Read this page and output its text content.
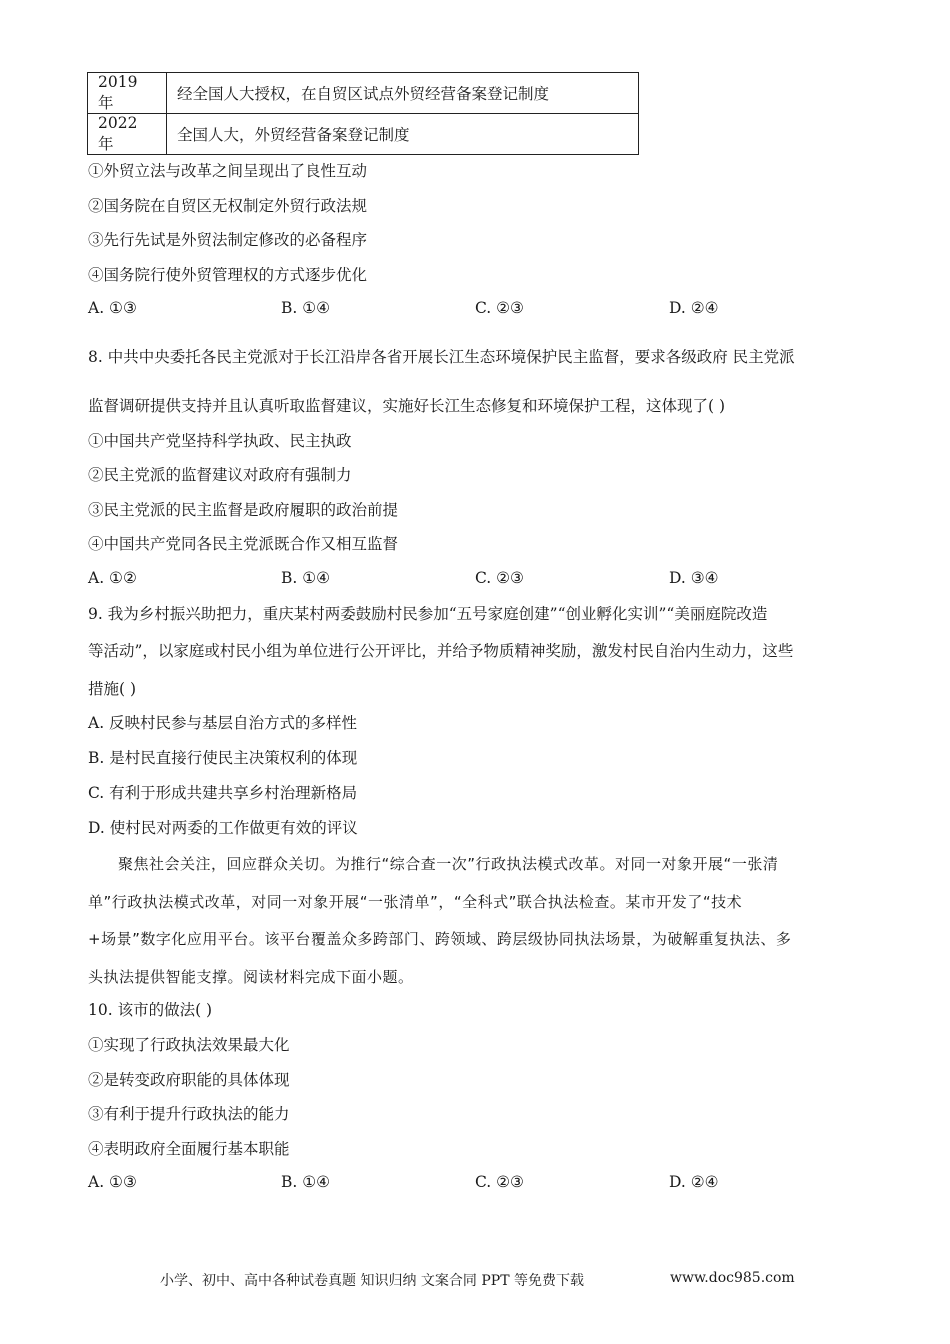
2019 年	经全国人大授权，在自贸区试点外贸经营备案登记制度
2022 年	全国人大，外贸经营备案登记制度
①外贸立法与改革之间呈现出了良性互动
②国务院在自贸区无权制定外贸行政法规
③先行先试是外贸法制定修改的必备程序
④国务院行使外贸管理权的方式逐步优化
A. ①③	B. ①④	C. ②③	D. ②④
8. 中共中央委托各民主党派对于长江沿岸各省开展长江生态环境保护民主监督，要求各级政府 民主党派
监督调研提供支持并且认真听取监督建议，实施好长江生态修复和环境保护工程，这体现了( )
①中国共产党坚持科学执政、民主执政
②民主党派的监督建议对政府有强制力
③民主党派的民主监督是政府履职的政治前提
④中国共产党同各民主党派既合作又相互监督
A. ①②	B. ①④	C. ②③	D. ③④
9. 我为乡村振兴助把力，重庆某村两委鼓励村民参加“五号家庭创建”“创业孵化实训”“美丽庭院改造
等活动”，以家庭或村民小组为单位进行公开评比，并给予物质精神奖励，激发村民自治内生动力，这些
措施( )
A. 反映村民参与基层自治方式的多样性
B. 是村民直接行使民主决策权利的体现
C. 有利于形成共建共享乡村治理新格局
D. 使村民对两委的工作做更有效的评议
聚焦社会关注，回应群众关切。为推行“综合查一次”行政执法模式改革。对同一对象开展“一张清
单”行政执法模式改革，对同一对象开展“一张清单”，“全科式”联合执法检查。某市开发了“技术
+场景”数字化应用平台。该平台覆盖众多跨部门、跨领域、跨层级协同执法场景，为破解重复执法、多
头执法提供智能支撑。阅读材料完成下面小题。
10. 该市的做法( )
①实现了行政执法效果最大化
②是转变政府职能的具体体现
③有利于提升行政执法的能力
④表明政府全面履行基本职能
A. ①③	B. ①④	C. ②③	D. ②④
小学、初中、高中各种试卷真题 知识归纳 文案合同 PPT 等免费下载	www.doc985.com
